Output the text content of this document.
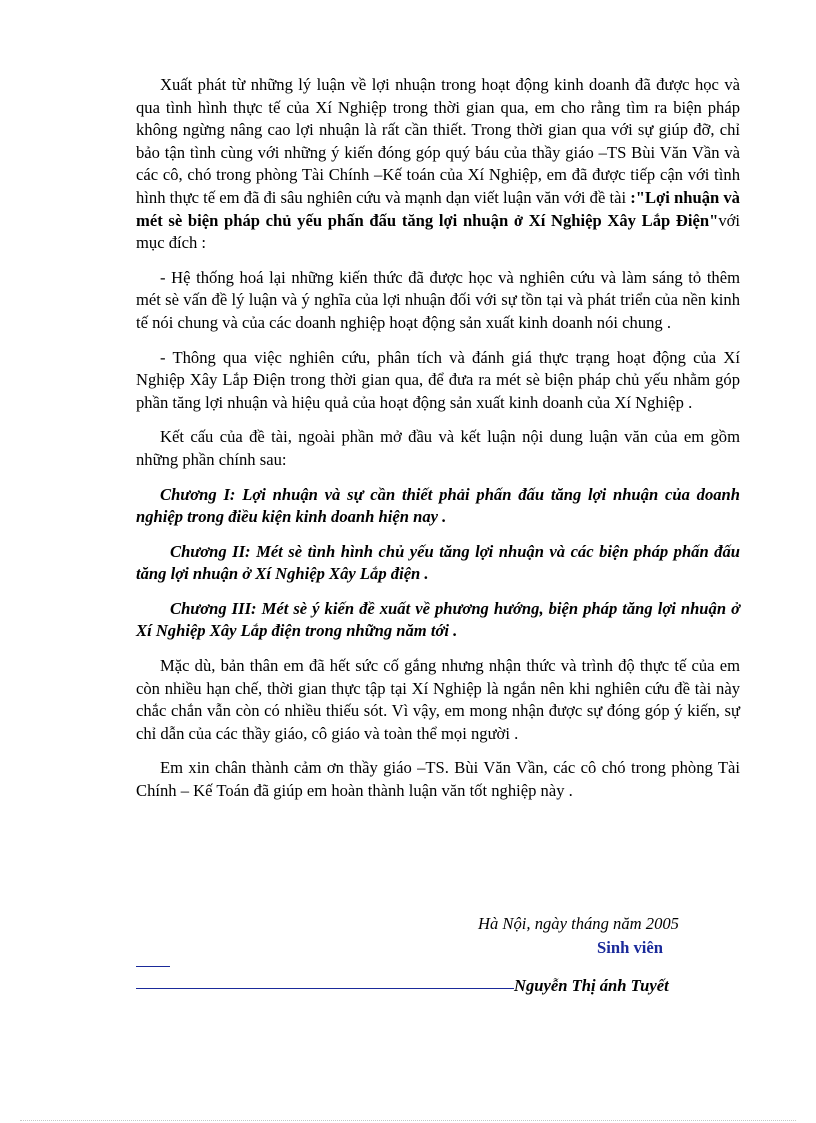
Xuất phát từ những lý luận về lợi nhuận trong hoạt động kinh doanh đã được học và qua tình hình thực tế của Xí Nghiệp trong thời gian qua, em cho rằng tìm ra biện pháp không ngừng nâng cao lợi nhuận là rất cần thiết. Trong thời gian qua với sự giúp đỡ, chỉ bảo tận tình cùng với những ý kiến đóng góp quý báu của thầy giáo –TS Bùi Văn Vần và các cô, chó trong phòng Tài Chính –Kế toán của Xí Nghiệp, em đã được tiếp cận với tình hình thực tế em đã đi sâu nghiên cứu và mạnh dạn viết luận văn với đề tài :"Lợi nhuận và mét sè biện pháp chủ yếu phấn đấu tăng lợi nhuận ở Xí Nghiệp Xây Lắp Điện"với mục đích :

- Hệ thống hoá lại những kiến thức đã được học và nghiên cứu và làm sáng tỏ thêm mét sè vấn đề lý luận và ý nghĩa của lợi nhuận đối với sự tồn tại và phát triển của nền kinh tế nói chung và của các doanh nghiệp hoạt động sản xuất kinh doanh nói chung .

- Thông qua việc nghiên cứu, phân tích và đánh giá thực trạng hoạt động của Xí Nghiệp Xây Lắp Điện trong thời gian qua, để đưa ra mét sè biện pháp chủ yếu nhằm góp phần tăng lợi nhuận và hiệu quả của hoạt động sản xuất kinh doanh của Xí Nghiệp .

Kết cấu của đề tài, ngoài phần mở đầu và kết luận nội dung luận văn của em gồm những phần chính sau:

Chương I: Lợi nhuận và sự cần thiết phải phấn đấu tăng lợi nhuận của doanh nghiệp trong điều kiện kinh doanh hiện nay .

Chương II: Mét sè tình hình chủ yếu tăng lợi nhuận và các biện pháp phấn đấu tăng lợi nhuận ở Xí Nghiệp Xây Lắp điện .

Chương III: Mét sè ý kiến đề xuất về phương hướng, biện pháp tăng lợi nhuận ở Xí Nghiệp Xây Lắp điện trong những năm tới .

Mặc dù, bản thân em đã hết sức cố gắng nhưng nhận thức và trình độ thực tế của em còn nhiều hạn chế, thời gian thực tập tại Xí Nghiệp là ngắn nên khi nghiên cứu đề tài này chắc chắn vẫn còn có nhiều thiếu sót. Vì vậy, em mong nhận được sự đóng góp ý kiến, sự chỉ dẫn của các thầy giáo, cô giáo và toàn thể mọi người .

Em xin chân thành cảm ơn thầy giáo –TS. Bùi Văn Vần, các cô chó trong phòng Tài Chính – Kế Toán đã giúp em hoàn thành luận văn tốt nghiệp này .

Hà Nội, ngày tháng năm 2005
Sinh viên
Nguyễn Thị ánh Tuyết
